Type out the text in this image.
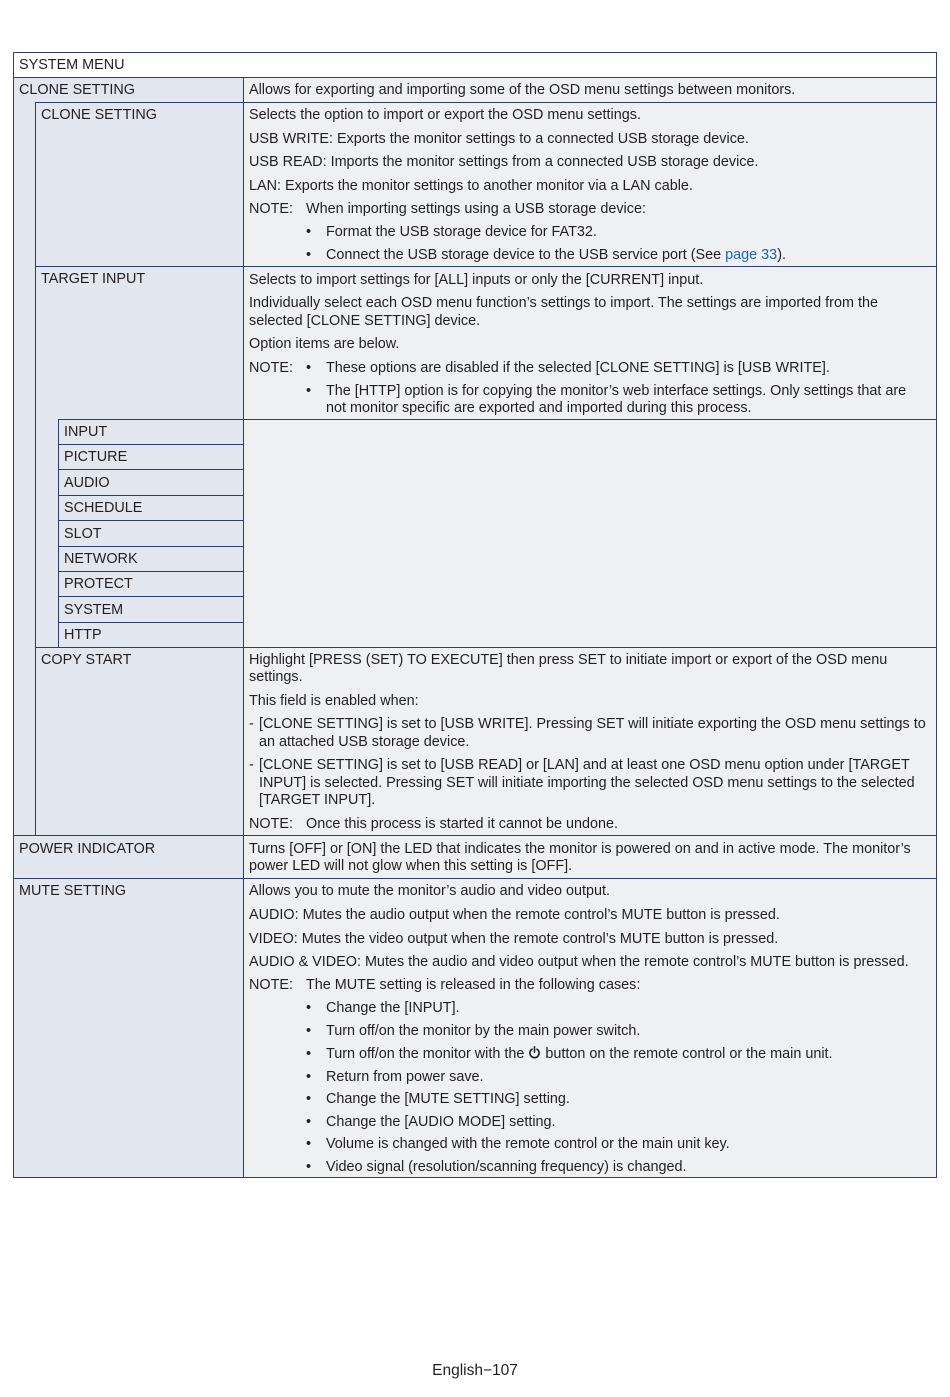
SYSTEM MENU
CLONE SETTING	Allows for exporting and importing some of the OSD menu settings between monitors.
CLONE SETTING	Selects the option to import or export the OSD menu settings.
USB WRITE: Exports the monitor settings to a connected USB storage device.
USB READ: Imports the monitor settings from a connected USB storage device.
LAN: Exports the monitor settings to another monitor via a LAN cable.
NOTE: When importing settings using a USB storage device:
• Format the USB storage device for FAT32.
• Connect the USB storage device to the USB service port (See page 33).
TARGET INPUT	Selects to import settings for [ALL] inputs or only the [CURRENT] input.
Individually select each OSD menu function’s settings to import. The settings are imported from the
selected [CLONE SETTING] device.
Option items are below.
NOTE: • These options are disabled if the selected [CLONE SETTING] is [USB WRITE].
• The [HTTP] option is for copying the monitor’s web interface settings. Only settings that are
not monitor specific are exported and imported during this process.
INPUT
PICTURE
AUDIO
SCHEDULE
SLOT
NETWORK
PROTECT
SYSTEM
HTTP
COPY START	Highlight [PRESS (SET) TO EXECUTE] then press SET to initiate import or export of the OSD menu
settings.
This field is enabled when:
- [CLONE SETTING] is set to [USB WRITE]. Pressing SET will initiate exporting the OSD menu settings to
an attached USB storage device.
- [CLONE SETTING] is set to [USB READ] or [LAN] and at least one OSD menu option under [TARGET
INPUT] is selected. Pressing SET will initiate importing the selected OSD menu settings to the selected
[TARGET INPUT].
NOTE: Once this process is started it cannot be undone.
POWER INDICATOR	Turns [OFF] or [ON] the LED that indicates the monitor is powered on and in active mode. The monitor’s
power LED will not glow when this setting is [OFF].
MUTE SETTING	Allows you to mute the monitor’s audio and video output.
AUDIO: Mutes the audio output when the remote control’s MUTE button is pressed.
VIDEO: Mutes the video output when the remote control’s MUTE button is pressed.
AUDIO & VIDEO: Mutes the audio and video output when the remote control’s MUTE button is pressed.
NOTE: The MUTE setting is released in the following cases:
• Change the [INPUT].
• Turn off/on the monitor by the main power switch.
• Turn off/on the monitor with the  button on the remote control or the main unit.
• Return from power save.
• Change the [MUTE SETTING] setting.
• Change the [AUDIO MODE] setting.
• Volume is changed with the remote control or the main unit key.
• Video signal (resolution/scanning frequency) is changed.
English−107
